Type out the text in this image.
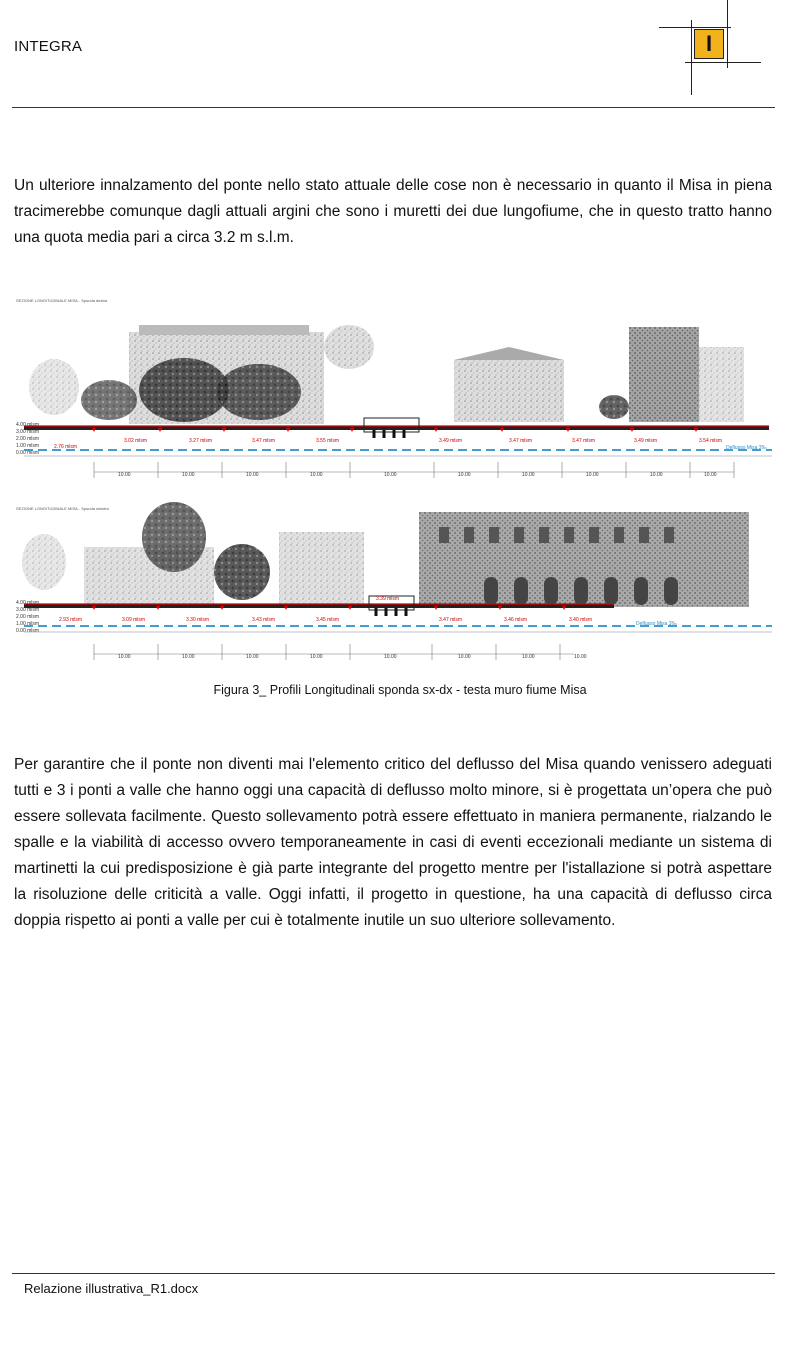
INTEGRA	I

Un ulteriore innalzamento del ponte nello stato attuale delle cose non è necessario in quanto il Misa in piena tracimerebbe comunque dagli attuali argini che sono i muretti dei due lungofiume, che in questo tratto hanno una quota media pari a circa 3.2 m s.l.m.

SEZIONE LONGITUDINALE MISA - Sponda destra
4.00 mlsm
3.00 mlsm
2.00 mlsm
1.00 mlsm
0.00 mlsm
2.76 mlsm
3.02 mlsm	3.27 mlsm	3.47 mlsm	3.55 mlsm	3.49 mlsm	3.47 mlsm	3.47 mlsm	3.49 mlsm	3.54 mlsm
Deflusso Misa 3‰
10.00	10.00	10.00	10.00	10.00	10.00	10.00	10.00	10.00	10.00
SEZIONE LONGITUDINALE MISA - Sponda sinistra
3.39 mlsm
4.00 mlsm
3.00 mlsm
2.00 mlsm
1.00 mlsm
0.00 mlsm
2.93 mlsm	3.09 mlsm	3.30 mlsm	3.43 mlsm	3.45 mlsm	3.47 mlsm	3.46 mlsm	3.40 mlsm
Deflusso Misa 3‰
10.00	10.00	10.00	10.00	10.00	10.00	10.00	10.00
Figura 3_ Profili Longitudinali sponda sx-dx - testa muro fiume Misa

Per garantire che il ponte non diventi mai l'elemento critico del deflusso del Misa quando venissero adeguati tutti e 3 i ponti a valle che hanno oggi una capacità di deflusso molto minore, si è progettata un’opera che può essere sollevata facilmente. Questo sollevamento potrà essere effettuato in maniera permanente, rialzando le spalle e la viabilità di accesso ovvero temporaneamente in casi di eventi eccezionali mediante un sistema di martinetti la cui predisposizione è già parte integrante del progetto mentre per l'istallazione si potrà aspettare la risoluzione delle criticità a valle. Oggi infatti, il progetto in questione, ha una capacità di deflusso circa doppia rispetto ai ponti a valle per cui è totalmente inutile un suo ulteriore sollevamento.

Relazione illustrativa_R1.docx
